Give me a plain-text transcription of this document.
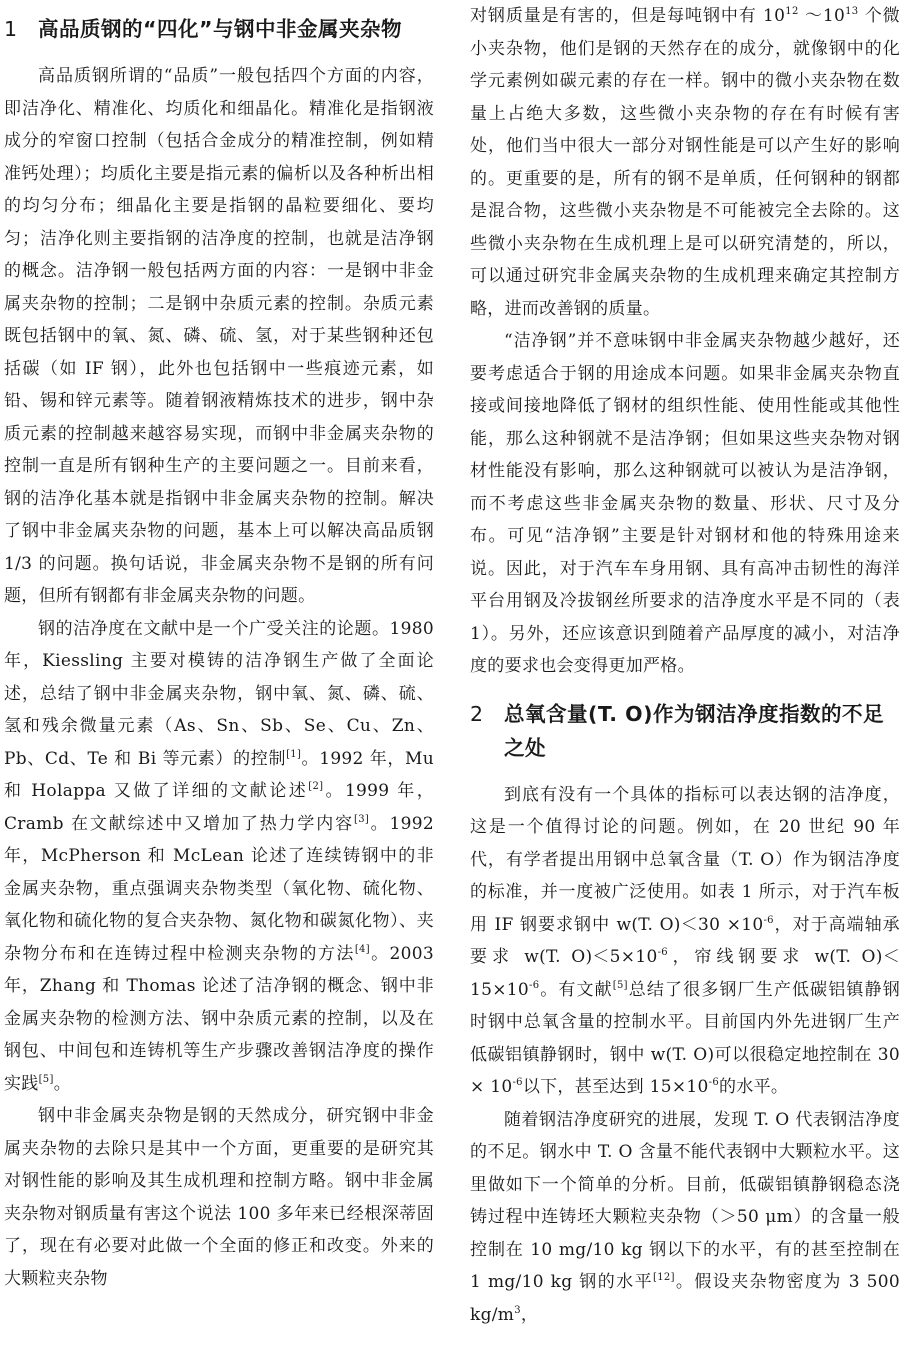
1 高品质钢的“四化”与钢中非金属夹杂物

高品质钢所谓的“品质”一般包括四个方面的内容，即洁净化、精准化、均质化和细晶化。精准化是指钢液成分的窄窗口控制（包括合金成分的精准控制，例如精准钙处理）；均质化主要是指元素的偏析以及各种析出相的均匀分布；细晶化主要是指钢的晶粒要细化、要均匀；洁净化则主要指钢的洁净度的控制，也就是洁净钢的概念。洁净钢一般包括两方面的内容：一是钢中非金属夹杂物的控制；二是钢中杂质元素的控制。杂质元素既包括钢中的氧、氮、磷、硫、氢，对于某些钢种还包括碳（如 IF 钢），此外也包括钢中一些痕迹元素，如铅、锡和锌元素等。随着钢液精炼技术的进步，钢中杂质元素的控制越来越容易实现，而钢中非金属夹杂物的控制一直是所有钢种生产的主要问题之一。目前来看，钢的洁净化基本就是指钢中非金属夹杂物的控制。解决了钢中非金属夹杂物的问题，基本上可以解决高品质钢 1/3 的问题。换句话说，非金属夹杂物不是钢的所有问题，但所有钢都有非金属夹杂物的问题。

钢的洁净度在文献中是一个广受关注的论题。1980 年，Kiessling 主要对模铸的洁净钢生产做了全面论述，总结了钢中非金属夹杂物，钢中氧、氮、磷、硫、氢和残余微量元素（As、Sn、Sb、Se、Cu、Zn、Pb、Cd、Te 和 Bi 等元素）的控制[1]。1992 年，Mu 和 Holappa 又做了详细的文献论述[2]。1999 年，Cramb 在文献综述中又增加了热力学内容[3]。1992 年，McPherson 和 McLean 论述了连续铸钢中的非金属夹杂物，重点强调夹杂物类型（氧化物、硫化物、氧化物和硫化物的复合夹杂物、氮化物和碳氮化物）、夹杂物分布和在连铸过程中检测夹杂物的方法[4]。2003 年，Zhang 和 Thomas 论述了洁净钢的概念、钢中非金属夹杂物的检测方法、钢中杂质元素的控制，以及在钢包、中间包和连铸机等生产步骤改善钢洁净度的操作实践[5]。

钢中非金属夹杂物是钢的天然成分，研究钢中非金属夹杂物的去除只是其中一个方面，更重要的是研究其对钢性能的影响及其生成机理和控制方略。钢中非金属夹杂物对钢质量有害这个说法 100 多年来已经根深蒂固了，现在有必要对此做一个全面的修正和改变。外来的大颗粒夹杂物

对钢质量是有害的，但是每吨钢中有 $10^{12}$ $\sim 10^{13}$ 个微小夹杂物，他们是钢的天然存在的成分，就像钢中的化学元素例如碳元素的存在一样。钢中的微小夹杂物在数量上占绝大多数，这些微小夹杂物的存在有时候有害处，他们当中很大一部分对钢性能是可以产生好的影响的。更重要的是，所有的钢不是单质，任何钢种的钢都是混合物，这些微小夹杂物是不可能被完全去除的。这些微小夹杂物在生成机理上是可以研究清楚的，所以，可以通过研究非金属夹杂物的生成机理来确定其控制方略，进而改善钢的质量。

“洁净钢”并不意味钢中非金属夹杂物越少越好，还要考虑适合于钢的用途成本问题。如果非金属夹杂物直接或间接地降低了钢材的组织性能、使用性能或其他性能，那么这种钢就不是洁净钢；但如果这些夹杂物对钢材性能没有影响，那么这种钢就可以被认为是洁净钢，而不考虑这些非金属夹杂物的数量、形状、尺寸及分布。可见“洁净钢”主要是针对钢材和他的特殊用途来说。因此，对于汽车车身用钢、具有高冲击韧性的海洋平台用钢及冷拔钢丝所要求的洁净度水平是不同的（表 1）。另外，还应该意识到随着产品厚度的减小，对洁净度的要求也会变得更加严格。

2 总氧含量(T. O)作为钢洁净度指数的不足之处

到底有没有一个具体的指标可以表达钢的洁净度，这是一个值得讨论的问题。例如，在 20 世纪 90 年代，有学者提出用钢中总氧含量（T. O）作为钢洁净度的标准，并一度被广泛使用。如表 1 所示，对于汽车板用 IF 钢要求钢中 w(T. $O)<30 \times 10^{-6}$，对于高端轴承要求 w(T. $O)<5\times 10^{-6}$，帘线钢要求 w(T. $O)<15\times 10^{-6}$。有文献[5]总结了很多钢厂生产低碳铝镇静钢时钢中总氧含量的控制水平。目前国内外先进钢厂生产低碳铝镇静钢时，钢中 w(T. O)可以很稳定地控制在 $30 \times 10^{-6}$以下，甚至达到 $15\times 10^{-6}$的水平。

随着钢洁净度研究的进展，发现 T. O 代表钢洁净度的不足。钢水中 T. O 含量不能代表钢中大颗粒水平。这里做如下一个简单的分析。目前，低碳铝镇静钢稳态浇铸过程中连铸坯大颗粒夹杂物（＞50 μm）的含量一般控制在 10 mg/10 kg 钢以下的水平，有的甚至控制在 1 mg/10 kg 钢的水平[12]。假设夹杂物密度为 3 500 $kg/m^3$，
